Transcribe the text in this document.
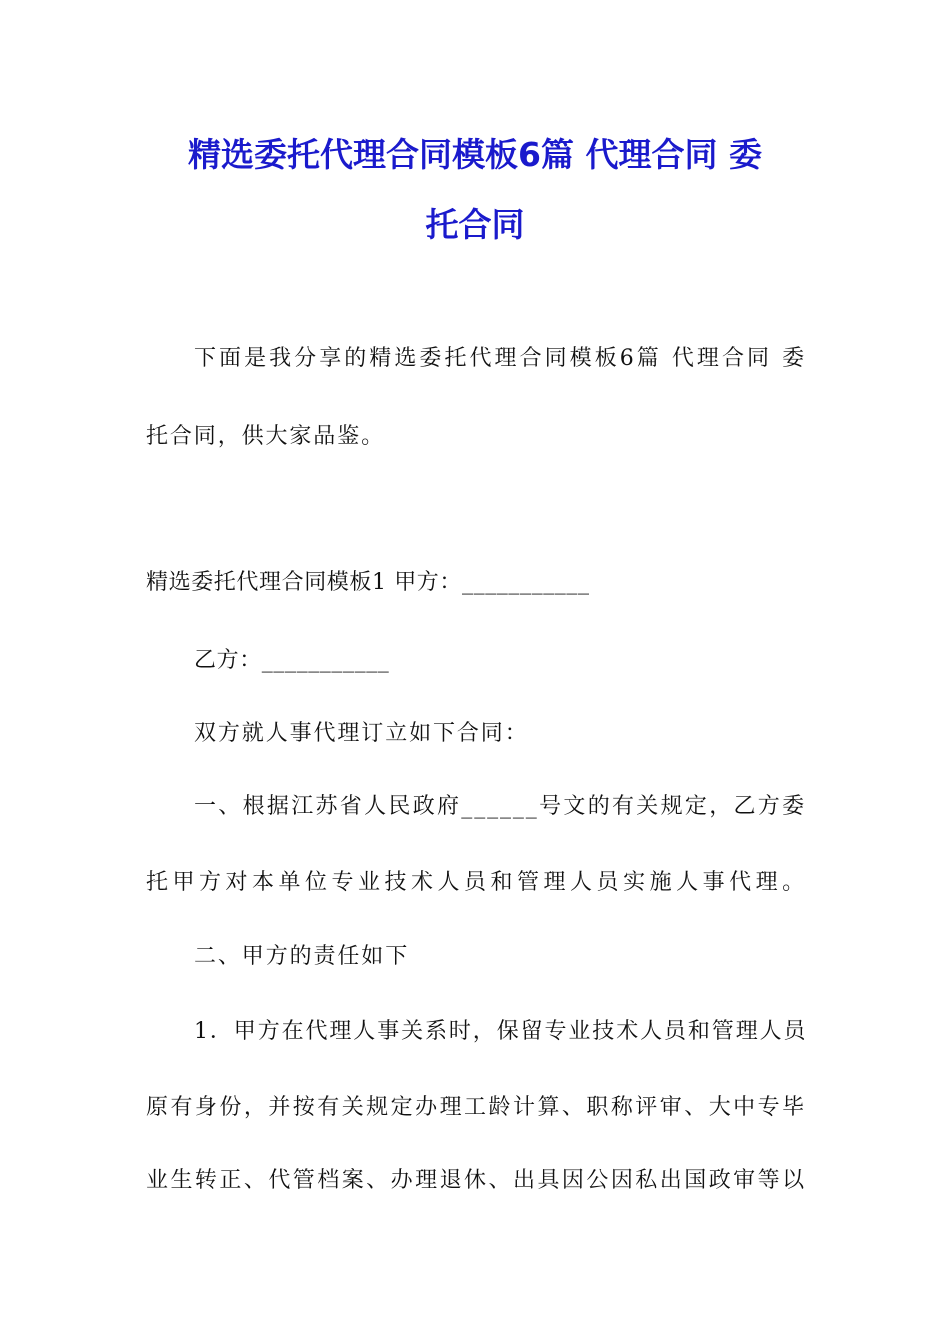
精选委托代理合同模板6篇 代理合同 委
托合同
下面是我分享的精选委托代理合同模板6篇 代理合同 委
托合同，供大家品鉴。
精选委托代理合同模板1 甲方：___________
乙方：___________
双方就人事代理订立如下合同：
一、根据江苏省人民政府______号文的有关规定，乙方委
托甲方对本单位专业技术人员和管理人员实施人事代理。
二、甲方的责任如下
1．甲方在代理人事关系时，保留专业技术人员和管理人员
原有身份，并按有关规定办理工龄计算、职称评审、大中专毕
业生转正、代管档案、办理退休、出具因公因私出国政审等以
